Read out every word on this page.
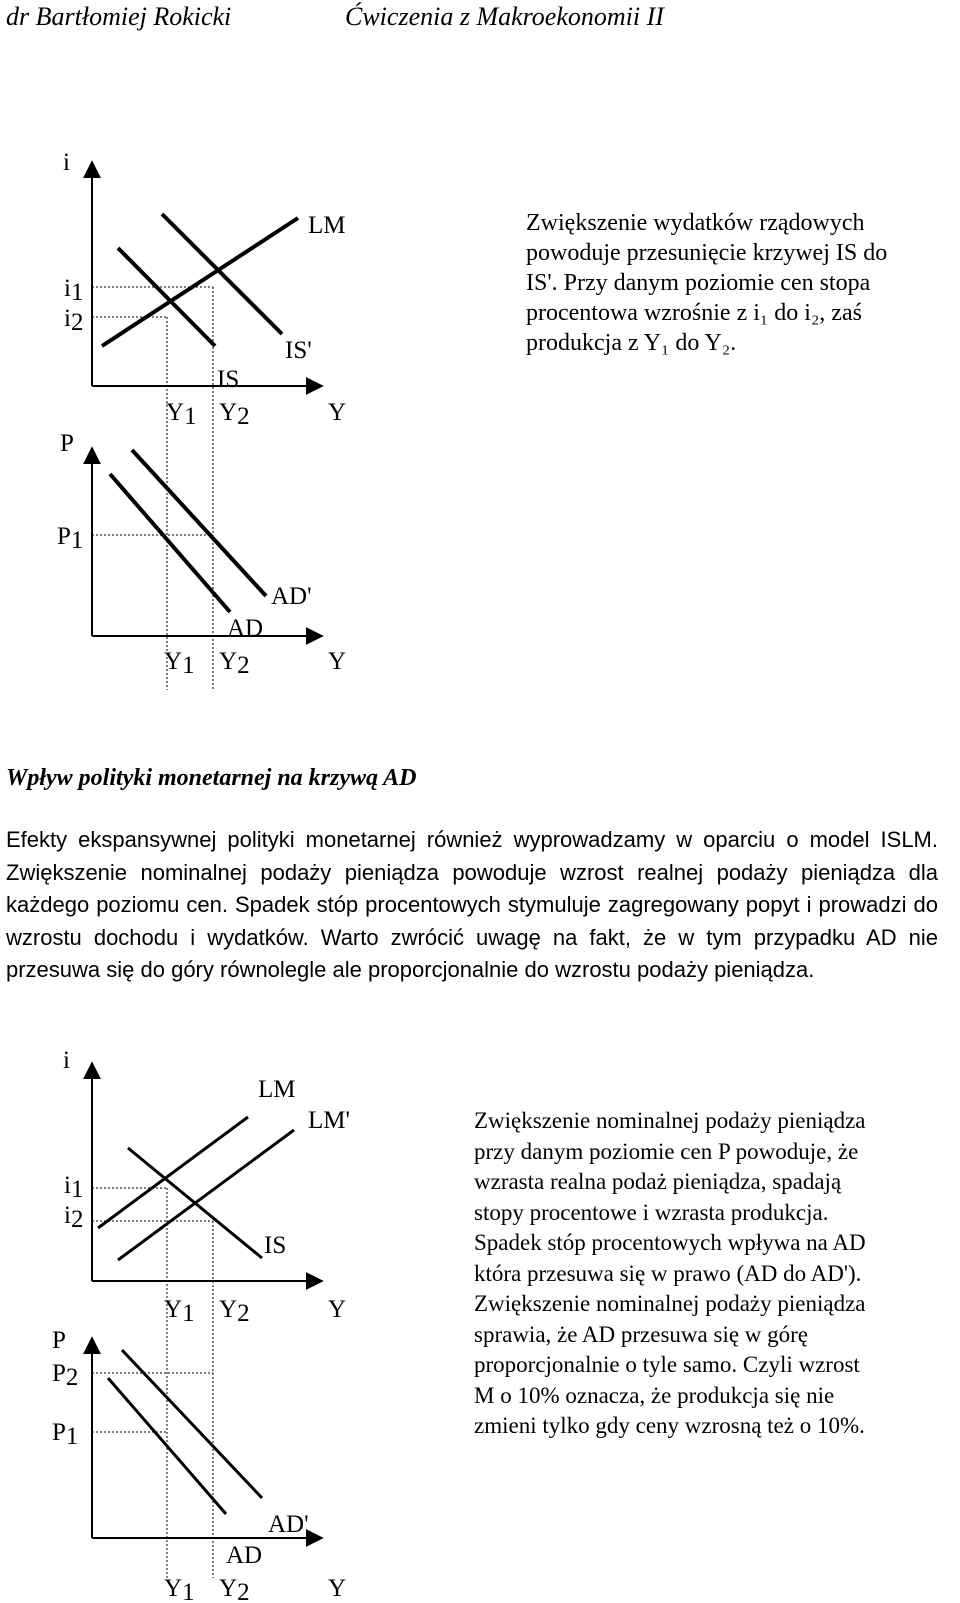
dr Bartłomiej Rokicki	Ćwiczenia z Makroekonomii II
i
i1
i2
LM
IS
IS'
Y1 Y2	Y
P
P1
AD
AD'
Y1 Y2	Y
i
i1
i2
LM
LM'
IS
Y1 Y2	Y
P
P2
P1
AD
AD'
Y1 Y2	Y
Zwiększenie wydatków rządowych
powoduje przesunięcie krzywej IS do
IS'. Przy danym poziomie cen stopa
procentowa wzrośnie z i₁ do i₂, zaś
produkcja z Y₁ do Y₂.
Wpływ polityki monetarnej na krzywą AD
Efekty ekspansywnej polityki monetarnej również wyprowadzamy w oparciu o model ISLM. Zwiększenie nominalnej podaży pieniądza powoduje wzrost realnej podaży pieniądza dla każdego poziomu cen. Spadek stóp procentowych stymuluje zagregowany popyt i prowadzi do wzrostu dochodu i wydatków. Warto zwrócić uwagę na fakt, że w tym przypadku AD nie przesuwa się do góry równolegle ale proporcjonalnie do wzrostu podaży pieniądza.
Zwiększenie nominalnej podaży pieniądza
przy danym poziomie cen P powoduje, że
wzrasta realna podaż pieniądza, spadają
stopy procentowe i wzrasta produkcja.
Spadek stóp procentowych wpływa na AD
która przesuwa się w prawo (AD do AD').
Zwiększenie nominalnej podaży pieniądza
sprawia, że AD przesuwa się w górę
proporcjonalnie o tyle samo. Czyli wzrost
M o 10% oznacza, że produkcja się nie
zmieni tylko gdy ceny wzrosną też o 10%.
